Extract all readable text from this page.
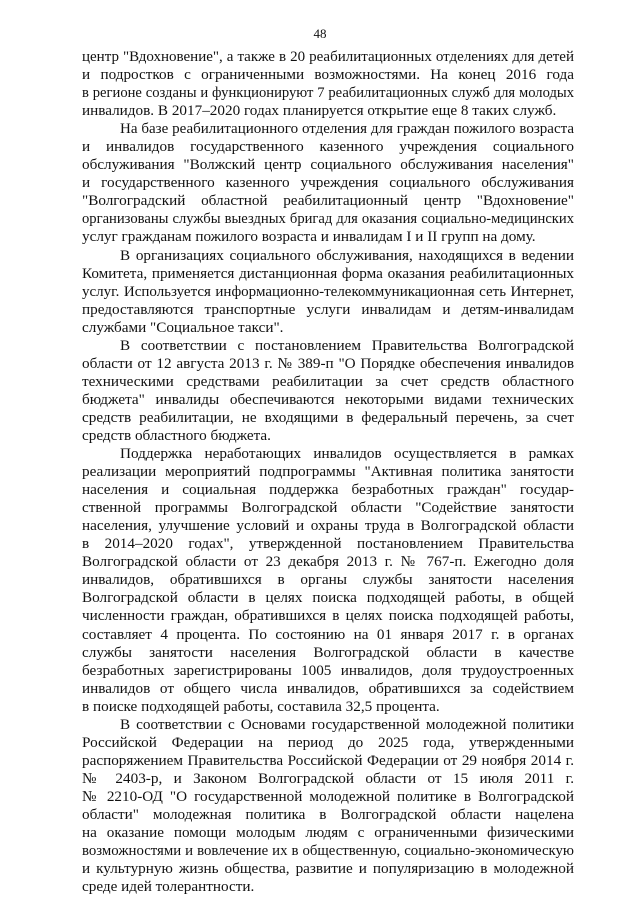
48
центр "Вдохновение", а также в 20 реабилитационных отделениях для детей
и подростков с ограниченными возможностями. На конец 2016 года
в регионе созданы и функционируют 7 реабилитационных служб для молодых
инвалидов. В 2017–2020 годах планируется открытие еще 8 таких служб.
На базе реабилитационного отделения для граждан пожилого возраста
и инвалидов государственного казенного учреждения социального
обслуживания "Волжский центр социального обслуживания населения"
и государственного казенного учреждения социального обслуживания
"Волгоградский областной реабилитационный центр "Вдохновение"
организованы службы выездных бригад для оказания социально-медицинских
услуг гражданам пожилого возраста и инвалидам I и II групп на дому.
В организациях социального обслуживания, находящихся в ведении
Комитета, применяется дистанционная форма оказания реабилитационных
услуг. Используется информационно-телекоммуникационная сеть Интернет,
предоставляются транспортные услуги инвалидам и детям-инвалидам
службами "Социальное такси".
В соответствии с постановлением Правительства Волгоградской
области от 12 августа 2013 г. № 389-п "О Порядке обеспечения инвалидов
техническими средствами реабилитации за счет средств областного
бюджета" инвалиды обеспечиваются некоторыми видами технических
средств реабилитации, не входящими в федеральный перечень, за счет
средств областного бюджета.
Поддержка неработающих инвалидов осуществляется в рамках
реализации мероприятий подпрограммы "Активная политика занятости
населения и социальная поддержка безработных граждан" государ-
ственной программы Волгоградской области "Содействие занятости
населения, улучшение условий и охраны труда в Волгоградской области
в 2014–2020 годах", утвержденной постановлением Правительства
Волгоградской области от 23 декабря 2013 г. № 767-п. Ежегодно доля
инвалидов, обратившихся в органы службы занятости населения
Волгоградской области в целях поиска подходящей работы, в общей
численности граждан, обратившихся в целях поиска подходящей работы,
составляет 4 процента. По состоянию на 01 января 2017 г. в органах
службы занятости населения Волгоградской области в качестве
безработных зарегистрированы 1005 инвалидов, доля трудоустроенных
инвалидов от общего числа инвалидов, обратившихся за содействием
в поиске подходящей работы, составила 32,5 процента.
В соответствии с Основами государственной молодежной политики
Российской Федерации на период до 2025 года, утвержденными
распоряжением Правительства Российской Федерации от 29 ноября 2014 г.
№ 2403-р, и Законом Волгоградской области от 15 июля 2011 г.
№ 2210-ОД "О государственной молодежной политике в Волгоградской
области" молодежная политика в Волгоградской области нацелена
на оказание помощи молодым людям с ограниченными физическими
возможностями и вовлечение их в общественную, социально-экономическую
и культурную жизнь общества, развитие и популяризацию в молодежной
среде идей толерантности.
